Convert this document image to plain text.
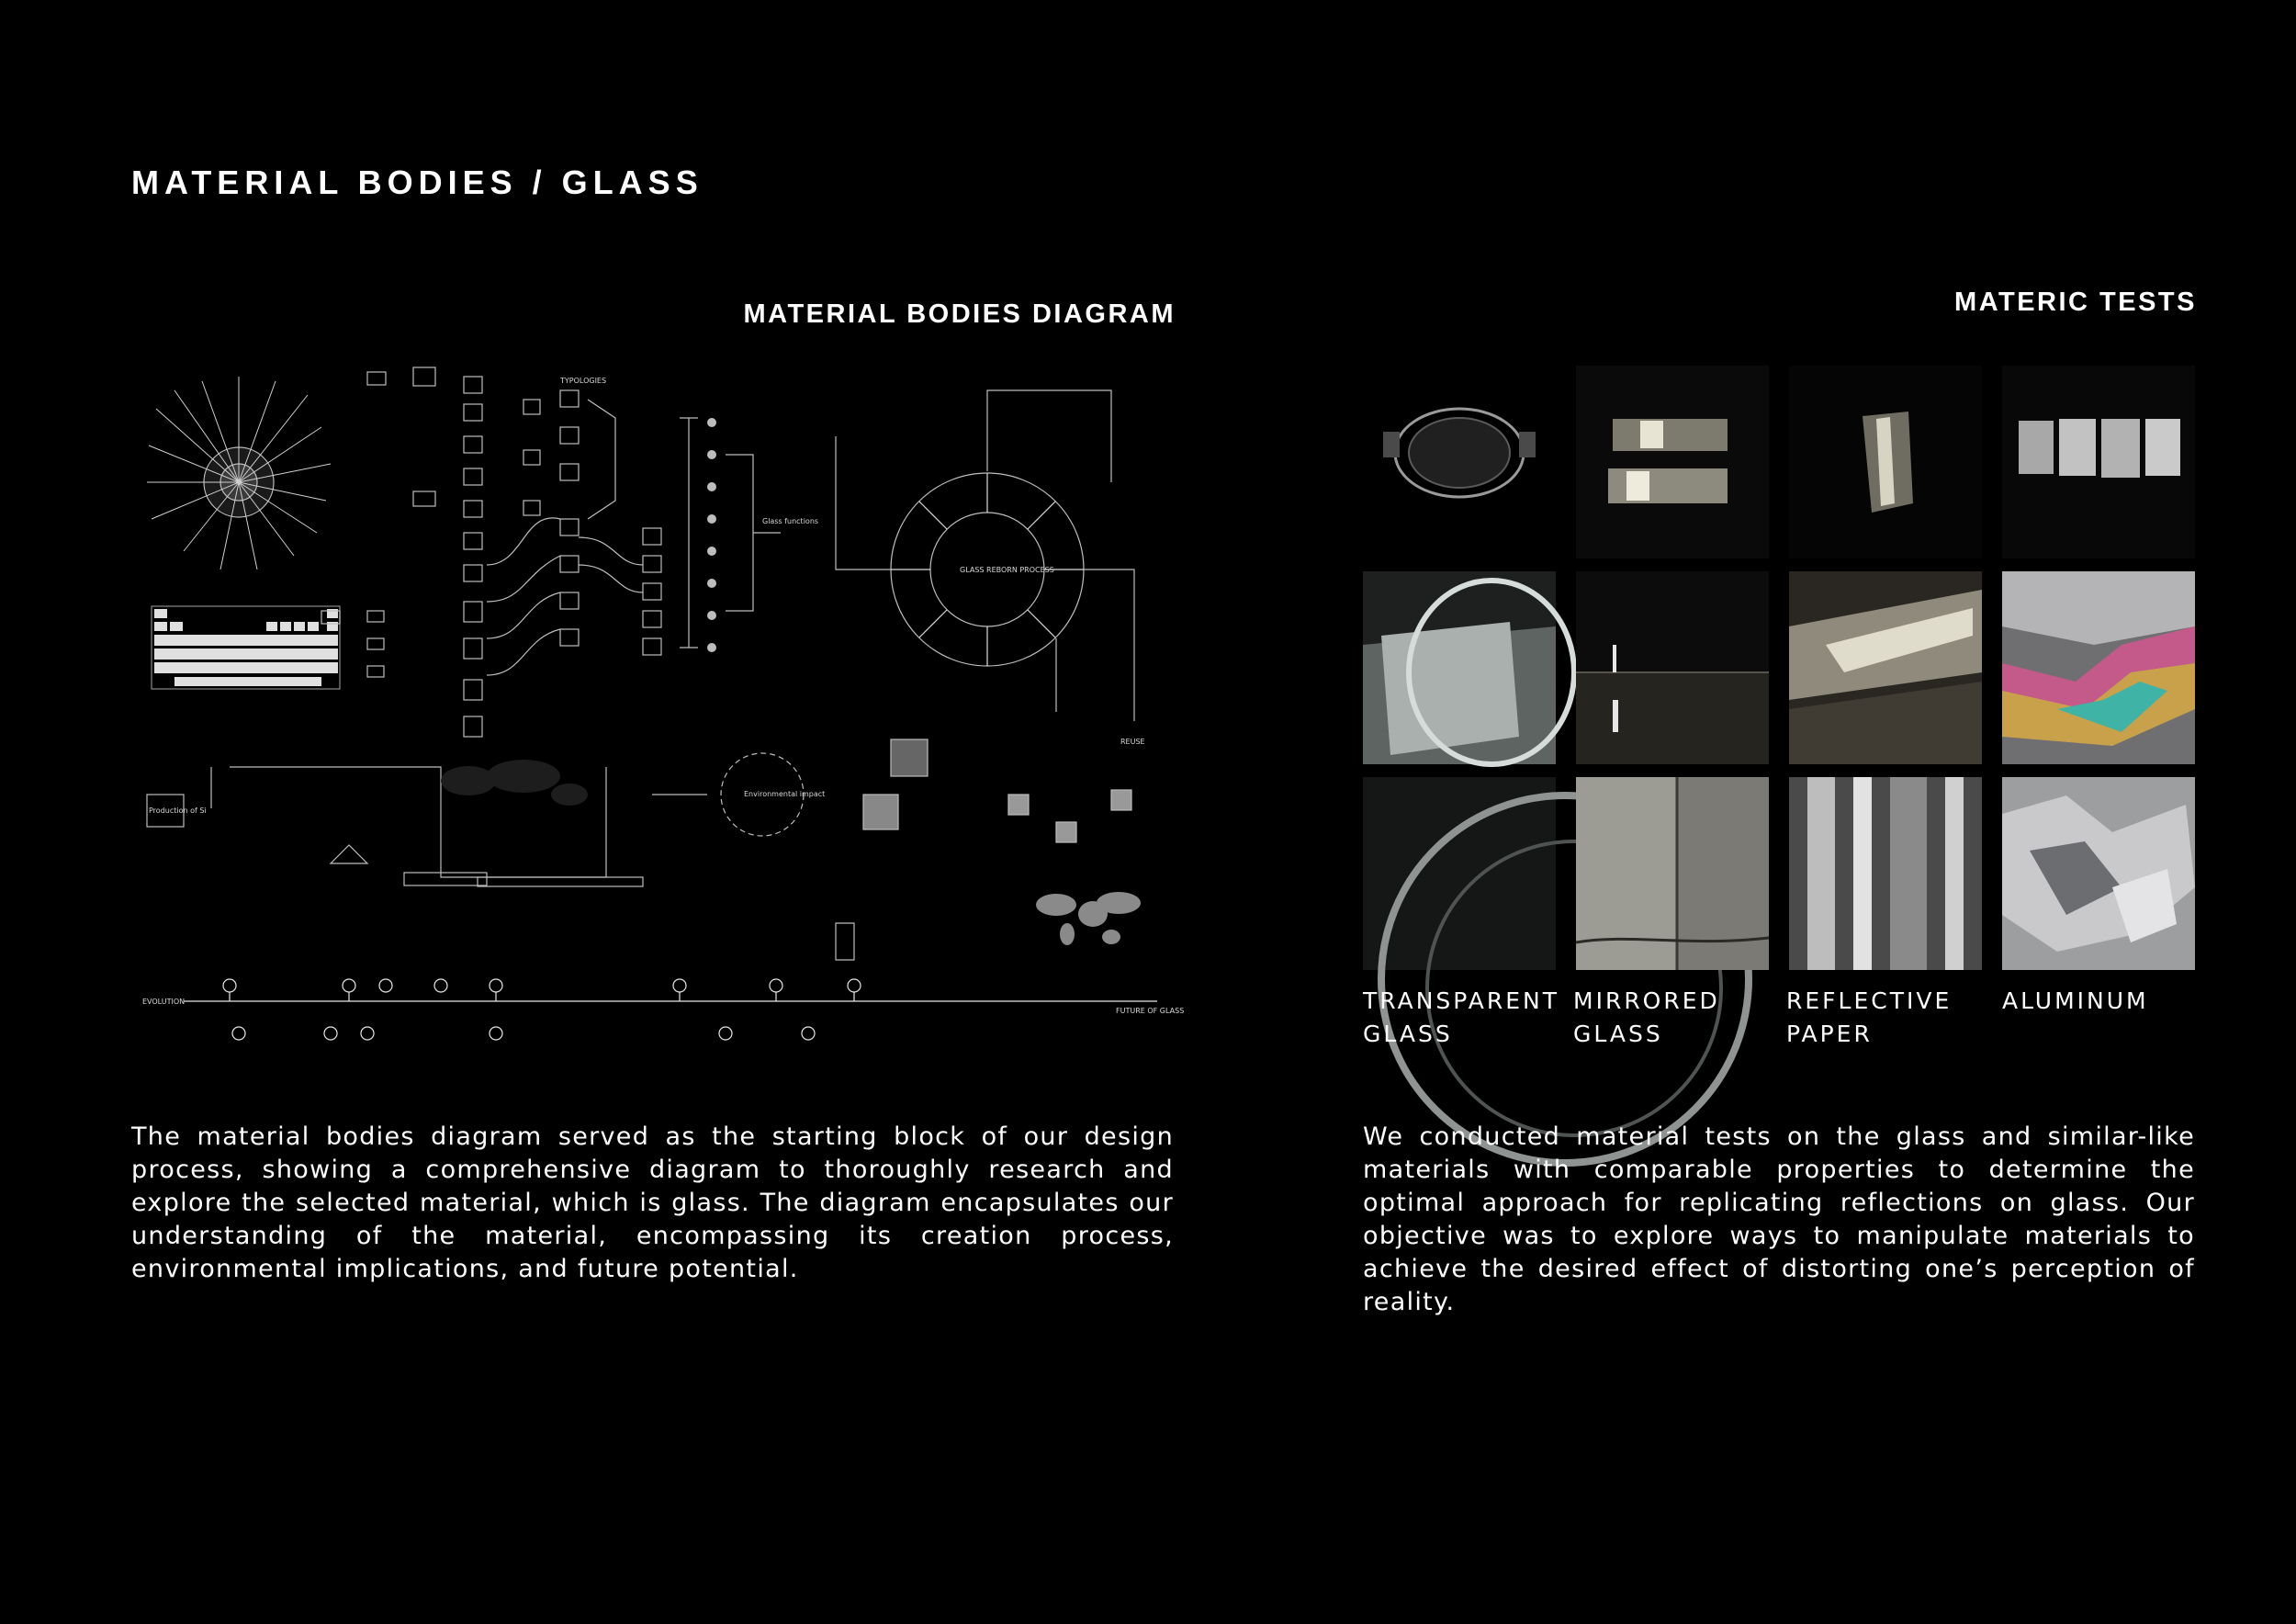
MATERIAL BODIES / GLASS
MATERIAL BODIES DIAGRAM	MATERIC TESTS
TYPOLOGIES
GLASS REBORN PROCESS
Glass functions
EVOLUTION
FUTURE OF GLASS
Production of Si
REUSE
Environmental impact
TRANSPARENT
GLASS
MIRRORED
GLASS
REFLECTIVE
PAPER
ALUMINUM
The material bodies diagram served as the starting block of our design process, showing a comprehensive diagram to thoroughly research and explore the selected material, which is glass. The diagram encapsulates our understanding of the material, encompassing its creation process, environmental implications, and future potential.
We conducted material tests on the glass and similar-like materials with comparable properties to determine the optimal approach for replicating reflections on glass. Our objective was to explore ways to manipulate materials to achieve the desired effect of distorting one’s perception of reality.
